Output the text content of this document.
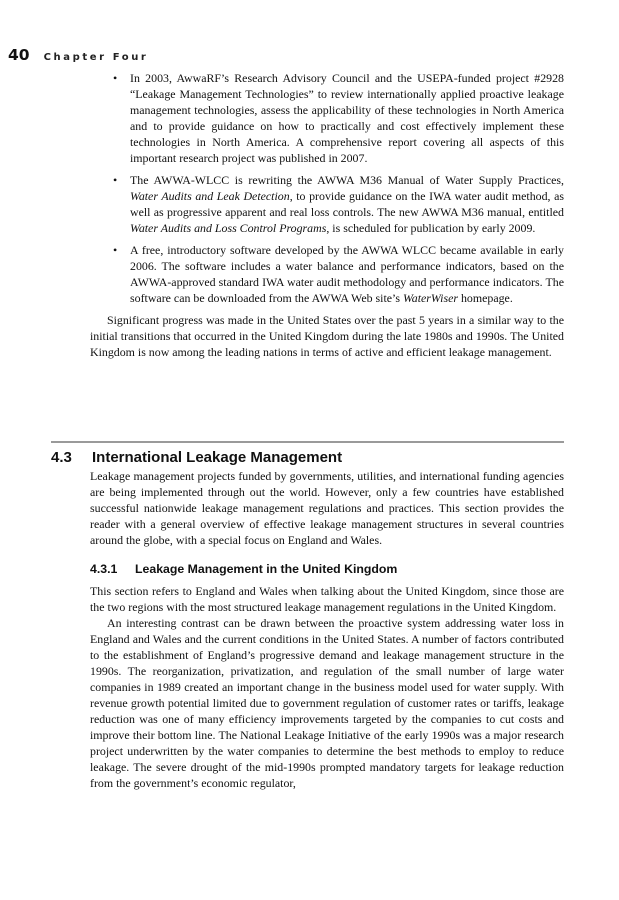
40 Chapter Four
• In 2003, AwwaRF’s Research Advisory Council and the USEPA-funded project #2928 “Leakage Management Technologies” to review internationally applied proactive leakage management technologies, assess the applicability of these technologies in North America and to provide guidance on how to practically and cost effectively implement these technologies in North America. A comprehensive report covering all aspects of this important research project was published in 2007.
• The AWWA-WLCC is rewriting the AWWA M36 Manual of Water Supply Practices, Water Audits and Leak Detection, to provide guidance on the IWA water audit method, as well as progressive apparent and real loss controls. The new AWWA M36 manual, entitled Water Audits and Loss Control Programs, is scheduled for publication by early 2009.
• A free, introductory software developed by the AWWA WLCC became available in early 2006. The software includes a water balance and performance indicators, based on the AWWA-approved standard IWA water audit methodology and performance indicators. The software can be downloaded from the AWWA Web site’s WaterWiser homepage.

Significant progress was made in the United States over the past 5 years in a similar way to the initial transitions that occurred in the United Kingdom during the late 1980s and 1990s. The United Kingdom is now among the leading nations in terms of active and efficient leakage management.

4.3	International Leakage Management

Leakage management projects funded by governments, utilities, and international funding agencies are being implemented through out the world. However, only a few countries have established successful nationwide leakage management regulations and practices. This section provides the reader with a general overview of effective leakage management structures in several countries around the globe, with a special focus on England and Wales.

4.3.1	Leakage Management in the United Kingdom

This section refers to England and Wales when talking about the United Kingdom, since those are the two regions with the most structured leakage management regulations in the United Kingdom.

An interesting contrast can be drawn between the proactive system addressing water loss in England and Wales and the current conditions in the United States. A number of factors contributed to the establishment of England’s progressive demand and leakage management structure in the 1990s. The reorganization, privatization, and regulation of the small number of large water companies in 1989 created an important change in the business model used for water supply. With revenue growth potential limited due to government regulation of customer rates or tariffs, leakage reduction was one of many efficiency improvements targeted by the companies to cut costs and improve their bottom line. The National Leakage Initiative of the early 1990s was a major research project underwritten by the water companies to determine the best methods to employ to reduce leakage. The severe drought of the mid-1990s prompted mandatory targets for leakage reduction from the government’s economic regulator,
